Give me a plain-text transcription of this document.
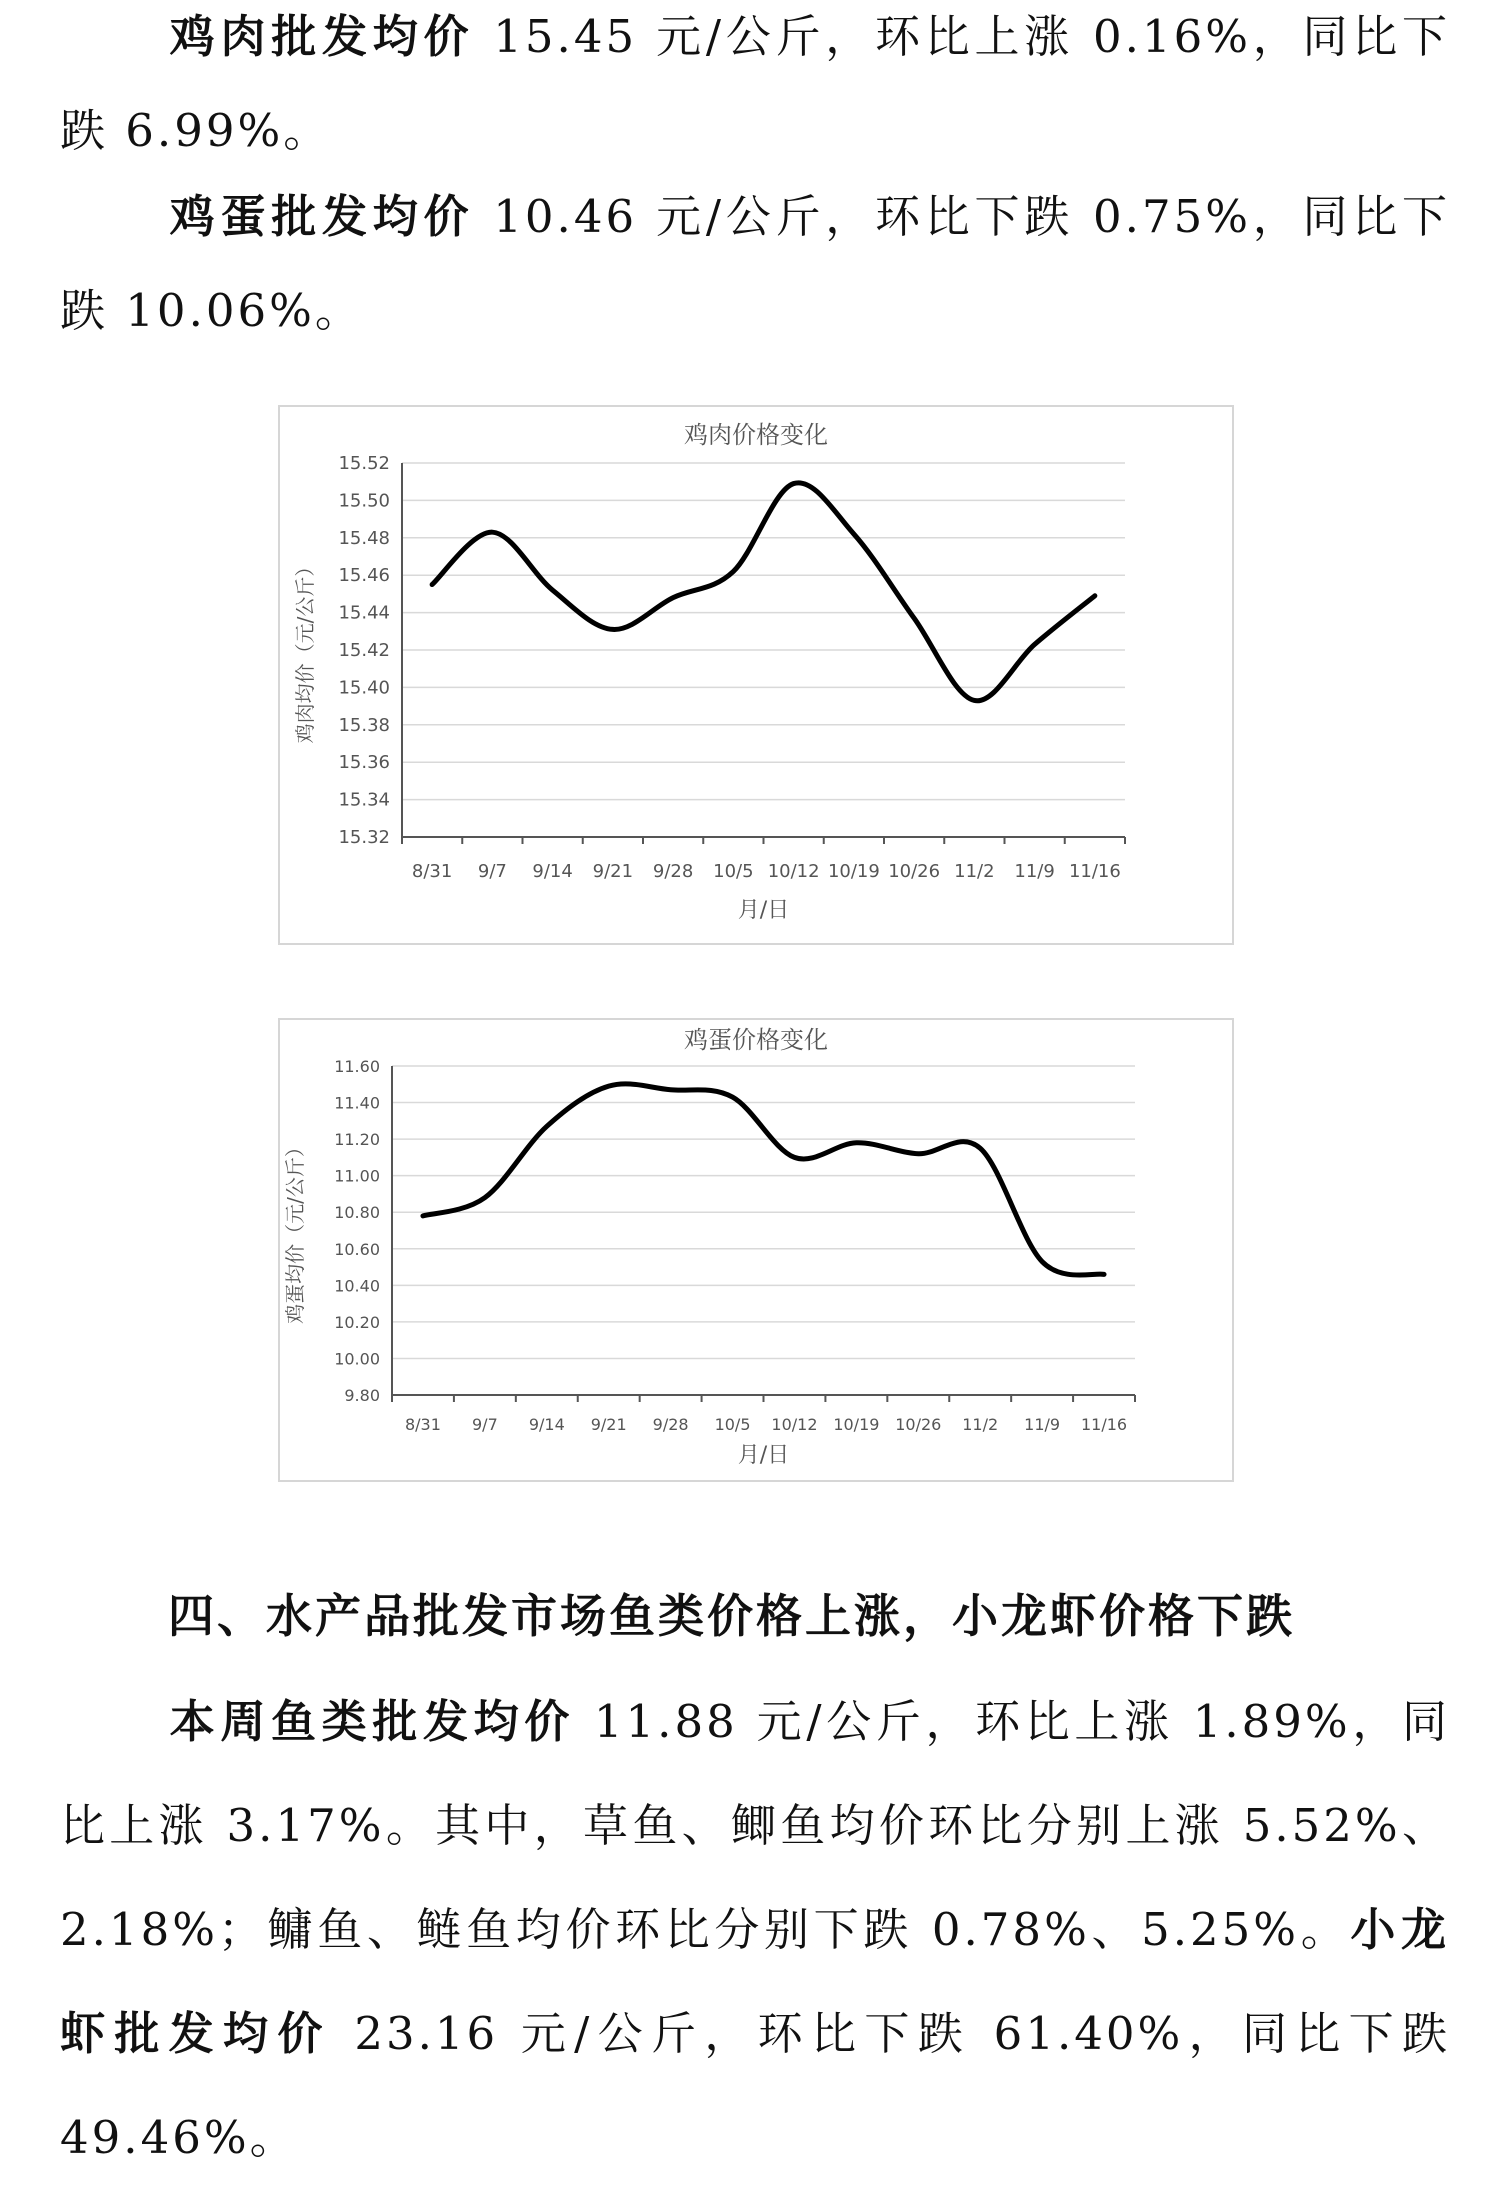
鸡肉批发均价 15.45 元/公斤，环比上涨 0.16%，同比下跌 6.99%。
鸡蛋批发均价 10.46 元/公斤，环比下跌 0.75%，同比下跌 10.06%。
鸡肉价格变化
15.52
15.50
15.48
15.46
15.44
15.42
15.40
15.38
15.36
15.34
15.32
8/31 9/7 9/14 9/21 9/28 10/5 10/12 10/19 10/26 11/2 11/9 11/16
月/日
鸡肉均价（元/公斤）
鸡蛋价格变化
11.60
11.40
11.20
11.00
10.80
10.60
10.40
10.20
10.00
9.80
8/31 9/7 9/14 9/21 9/28 10/5 10/12 10/19 10/26 11/2 11/9 11/16
月/日
鸡蛋均价（元/公斤）
四、水产品批发市场鱼类价格上涨，小龙虾价格下跌
本周鱼类批发均价 11.88 元/公斤，环比上涨 1.89%，同比上涨 3.17%。其中，草鱼、鲫鱼均价环比分别上涨 5.52%、2.18%；鳙鱼、鲢鱼均价环比分别下跌 0.78%、5.25%。小龙虾批发均价 23.16 元/公斤，环比下跌 61.40%，同比下跌 49.46%。
